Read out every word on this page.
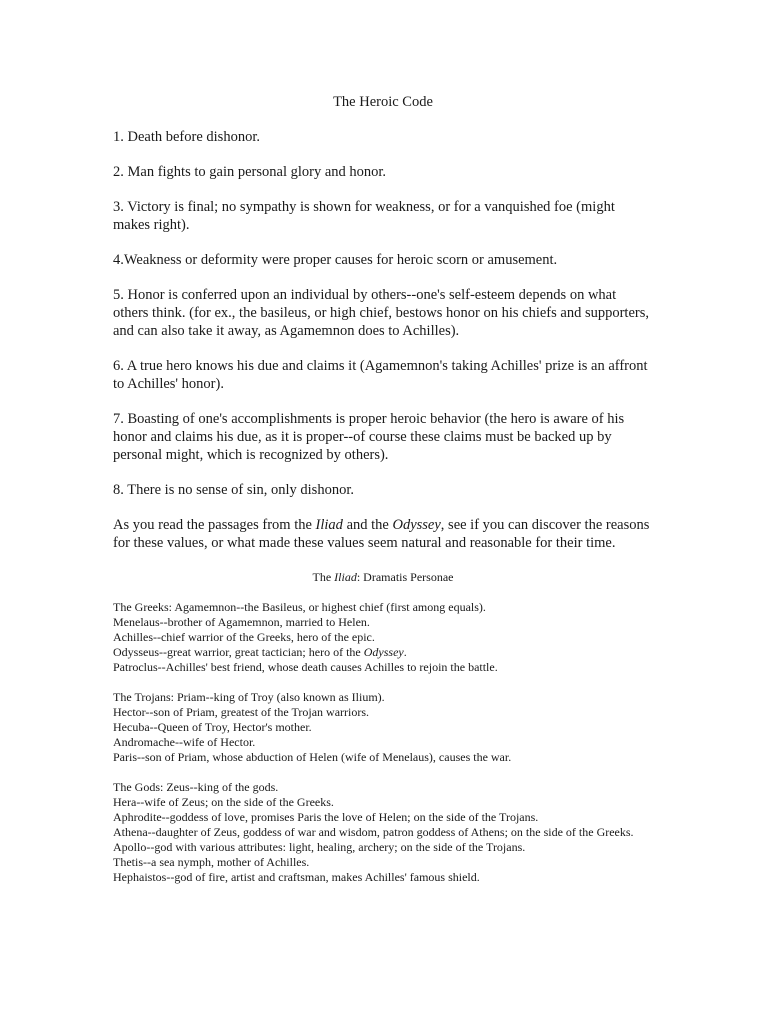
The Heroic Code
1. Death before dishonor.
2. Man fights to gain personal glory and honor.
3. Victory is final; no sympathy is shown for weakness, or for a vanquished foe (might makes right).
4.Weakness or deformity were proper causes for heroic scorn or amusement.
5. Honor is conferred upon an individual by others--one's self-esteem depends on what others think. (for ex., the basileus, or high chief, bestows honor on his chiefs and supporters, and can also take it away, as Agamemnon does to Achilles).
6. A true hero knows his due and claims it (Agamemnon's taking Achilles' prize is an affront to Achilles' honor).
7. Boasting of one's accomplishments is proper heroic behavior (the hero is aware of his honor and claims his due, as it is proper--of course these claims must be backed up by personal might, which is recognized by others).
8. There is no sense of sin, only dishonor.
As you read the passages from the Iliad and the Odyssey, see if you can discover the reasons for these values, or what made these values seem natural and reasonable for their time.
The Iliad: Dramatis Personae
The Greeks: Agamemnon--the Basileus, or highest chief (first among equals).
Menelaus--brother of Agamemnon, married to Helen.
Achilles--chief warrior of the Greeks, hero of the epic.
Odysseus--great warrior, great tactician; hero of the Odyssey.
Patroclus--Achilles' best friend, whose death causes Achilles to rejoin the battle.
The Trojans: Priam--king of Troy (also known as Ilium).
Hector--son of Priam, greatest of the Trojan warriors.
Hecuba--Queen of Troy, Hector's mother.
Andromache--wife of Hector.
Paris--son of Priam, whose abduction of Helen (wife of Menelaus), causes the war.
The Gods: Zeus--king of the gods.
Hera--wife of Zeus; on the side of the Greeks.
Aphrodite--goddess of love, promises Paris the love of Helen; on the side of the Trojans.
Athena--daughter of Zeus, goddess of war and wisdom, patron goddess of Athens; on the side of the Greeks.
Apollo--god with various attributes: light, healing, archery; on the side of the Trojans.
Thetis--a sea nymph, mother of Achilles.
Hephaistos--god of fire, artist and craftsman, makes Achilles' famous shield.
